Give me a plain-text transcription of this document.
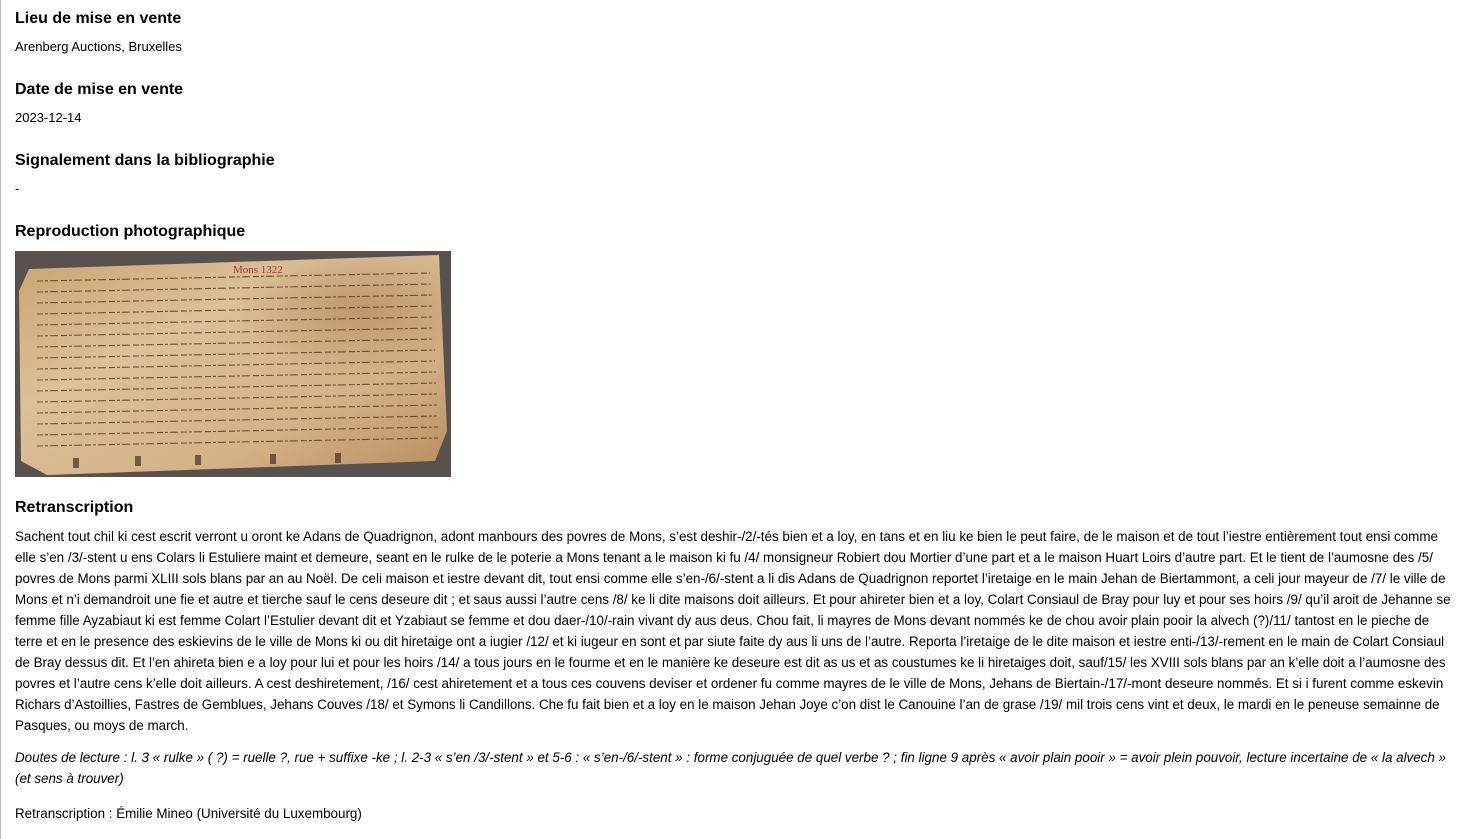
Lieu de mise en vente

Arenberg Auctions, Bruxelles

Date de mise en vente

2023-12-14

Signalement dans la bibliographie

-

Reproduction photographique
Mons 1322
Retranscription

Sachent tout chil ki cest escrit verront u oront ke Adans de Quadrignon, adont manbours des povres de Mons, s’est deshir-/2/-tés bien et a loy, en tans et en liu ke bien le peut faire, de le maison et de tout l’iestre entièrement tout ensi comme elle s’en /3/-stent u ens Colars li Estuliere maint et demeure, seant en le rulke de le poterie a Mons tenant a le maison ki fu /4/ monsigneur Robiert dou Mortier d’une part et a le maison Huart Loirs d’autre part. Et le tient de l’aumosne des /5/ povres de Mons parmi XLIII sols blans par an au Noël. De celi maison et iestre devant dit, tout ensi comme elle s’en-/6/-stent a li dis Adans de Quadrignon reportet l’iretaige en le main Jehan de Biertammont, a celi jour mayeur de /7/ le ville de Mons et n’i demandroit une fie et autre et tierche sauf le cens deseure dit ; et saus aussi l’autre cens /8/ ke li dite maisons doit ailleurs. Et pour ahireter bien et a loy, Colart Consiaul de Bray pour luy et pour ses hoirs /9/ qu’il aroit de Jehanne se femme fille Ayzabiaut ki est femme Colart l’Estulier devant dit et Yzabiaut se femme et dou daer-/10/-rain vivant dy aus deus. Chou fait, li mayres de Mons devant nommés ke de chou avoir plain pooir la alvech (?)/11/ tantost en le pieche de terre et en le presence des eskievins de le ville de Mons ki ou dit hiretaige ont a iugier /12/ et ki iugeur en sont et par siute faite dy aus li uns de l’autre. Reporta l’iretaige de le dite maison et iestre enti-/13/-rement en le main de Colart Consiaul de Bray dessus dit. Et l’en ahireta bien e a loy pour lui et pour les hoirs /14/ a tous jours en le fourme et en le manière ke deseure est dit as us et as coustumes ke li hiretaiges doit, sauf/15/ les XVIII sols blans par an k’elle doit a l’aumosne des povres et l’autre cens k’elle doit ailleurs. A cest deshiretement, /16/ cest ahiretement et a tous ces couvens deviser et ordener fu comme mayres de le ville de Mons, Jehans de Biertain-/17/-mont deseure nommés. Et si i furent comme eskevin Richars d’Astoillies, Fastres de Gemblues, Jehans Couves /18/ et Symons li Candillons. Che fu fait bien et a loy en le maison Jehan Joye c’on dist le Canouine l’an de grase /19/ mil trois cens vint et deux, le mardi en le peneuse semainne de Pasques, ou moys de march.

Doutes de lecture : l. 3 « rulke » ( ?) = ruelle ?, rue + suffixe -ke ; l. 2-3 « s’en /3/-stent » et 5-6 : « s’en-/6/-stent » : forme conjuguée de quel verbe ? ; fin ligne 9 après « avoir plain pooir » = avoir plein pouvoir, lecture incertaine de « la alvech » (et sens à trouver)

Retranscription : Émilie Mineo (Université du Luxembourg)
